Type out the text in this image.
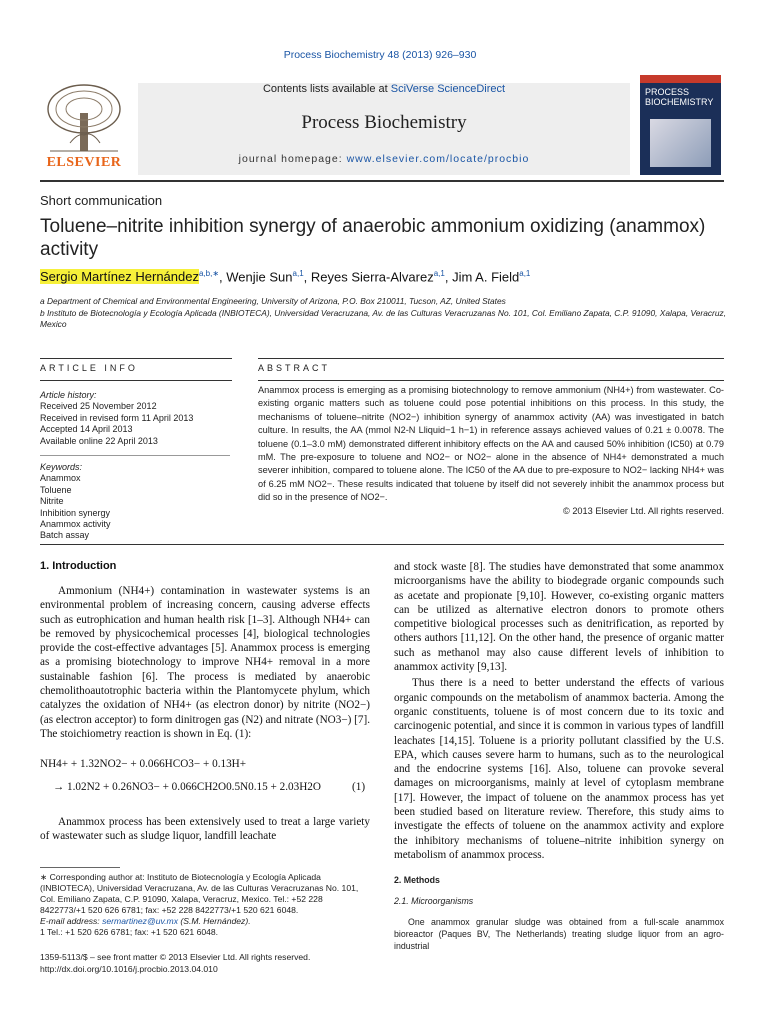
Process Biochemistry 48 (2013) 926–930
ELSEVIER
Contents lists available at SciVerse ScienceDirect
Process Biochemistry
journal homepage: www.elsevier.com/locate/procbio
PROCESS BIOCHEMISTRY
Short communication
Toluene–nitrite inhibition synergy of anaerobic ammonium oxidizing (anammox) activity
Sergio Martínez Hernández$^{a,b,∗}$, Wenjie Sun$^{a,1}$, Reyes Sierra-Alvarez$^{a,1}$, Jim A. Field$^{a,1}$
a Department of Chemical and Environmental Engineering, University of Arizona, P.O. Box 210011, Tucson, AZ, United States
b Instituto de Biotecnología y Ecología Aplicada (INBIOTECA), Universidad Veracruzana, Av. de las Culturas Veracruzanas No. 101, Col. Emiliano Zapata, C.P. 91090, Xalapa, Veracruz, Mexico
ARTICLE INFO	ABSTRACT
Article history:
Received 25 November 2012
Received in revised form 11 April 2013
Accepted 14 April 2013
Available online 22 April 2013
Keywords:
Anammox
Toluene
Nitrite
Inhibition synergy
Anammox activity
Batch assay
Anammox process is emerging as a promising biotechnology to remove ammonium (NH4+) from wastewater. Co-existing organic matters such as toluene could pose potential inhibitions on this process. In this study, the mechanisms of toluene–nitrite (NO2−) inhibition synergy of anammox activity (AA) was investigated in batch culture. In results, the AA (mmol N2-N Lliquid−1 h−1) in reference assays achieved values of 0.21 ± 0.0078. The toluene (0.1–3.0 mM) demonstrated different inhibitory effects on the AA and caused 50% inhibition (IC50) at 0.79 mM. The pre-exposure to toluene and NO2− or NO2− alone in the absence of NH4+ demonstrated a much severer inhibition, compared to toluene alone. The IC50 of the AA due to pre-exposure to NO2− lacking NH4+ was of 6.25 mM NO2−. These results indicated that toluene by itself did not severely inhibit the anammox process but did so in the presence of NO2−.
© 2013 Elsevier Ltd. All rights reserved.
1. Introduction

Ammonium (NH4+) contamination in wastewater systems is an environmental problem of increasing concern, causing adverse effects such as eutrophication and human health risk [1–3]. Although NH4+ can be removed by physicochemical processes [4], biological technologies provide the cost-effective advantages [5]. Anammox process is emerging as a promising biotechnology to improve NH4+ removal in a more sustainable fashion [6]. The process is mediated by anaerobic chemolithoautotrophic bacteria within the Plantomycete phylum, which catalyzes the oxidation of NH4+ (as electron donor) by nitrite (NO2−) (as electron acceptor) to form dinitrogen gas (N2) and nitrate (NO3−) [7]. The stoichiometry reaction is shown in Eq. (1):

NH4+ + 1.32NO2− + 0.066HCO3− + 0.13H+
→ 1.02N2 + 0.26NO3− + 0.066CH2O0.5N0.15 + 2.03H2O	(1)

Anammox process has been extensively used to treat a large variety of wastewater such as sludge liquor, landfill leachate

∗ Corresponding author at: Instituto de Biotecnología y Ecología Aplicada (INBIOTECA), Universidad Veracruzana, Av. de las Culturas Veracruzanas No. 101, Col. Emiliano Zapata, C.P. 91090, Xalapa, Veracruz, Mexico. Tel.: +52 228 8422773/+1 520 626 6781; fax: +52 228 8422773/+1 520 621 6048.
E-mail address: sermartinez@uv.mx (S.M. Hernández).
1 Tel.: +1 520 626 6781; fax: +1 520 621 6048.
1359-5113/$ – see front matter © 2013 Elsevier Ltd. All rights reserved.
http://dx.doi.org/10.1016/j.procbio.2013.04.010

and stock waste [8]. The studies have demonstrated that some anammox microorganisms have the ability to biodegrade organic compounds such as acetate and propionate [9,10]. However, co-existing organic matters can be utilized as alternative electron donors to promote others competitive biological processes such as denitrification, as reported by others authors [11,12]. On the other hand, the presence of organic matter such as methanol may also cause different levels of inhibition to anammox activity [9,13].

Thus there is a need to better understand the effects of various organic compounds on the metabolism of anammox bacteria. Among the organic constituents, toluene is of most concern due to its toxic and carcinogenic potential, and since it is common in various types of landfill leachates [14,15]. Toluene is a priority pollutant classified by the U.S. EPA, which causes severe harm to humans, such as to the neurological and the endocrine systems [16]. Also, toluene can provoke several damages on microorganisms, mainly at level of cytoplasm membrane [17]. However, the impact of toluene on the anammox process has yet been studied based on literature review. Therefore, this study aims to investigate the effects of toluene on the anammox activity and explore the inhibitory mechanisms of toluene–nitrite inhibition synergy on metabolism of anammox process.

2. Methods
2.1. Microorganisms
One anammox granular sludge was obtained from a full-scale anammox bioreactor (Paques BV, The Netherlands) treating sludge liquor from an agro-industrial
